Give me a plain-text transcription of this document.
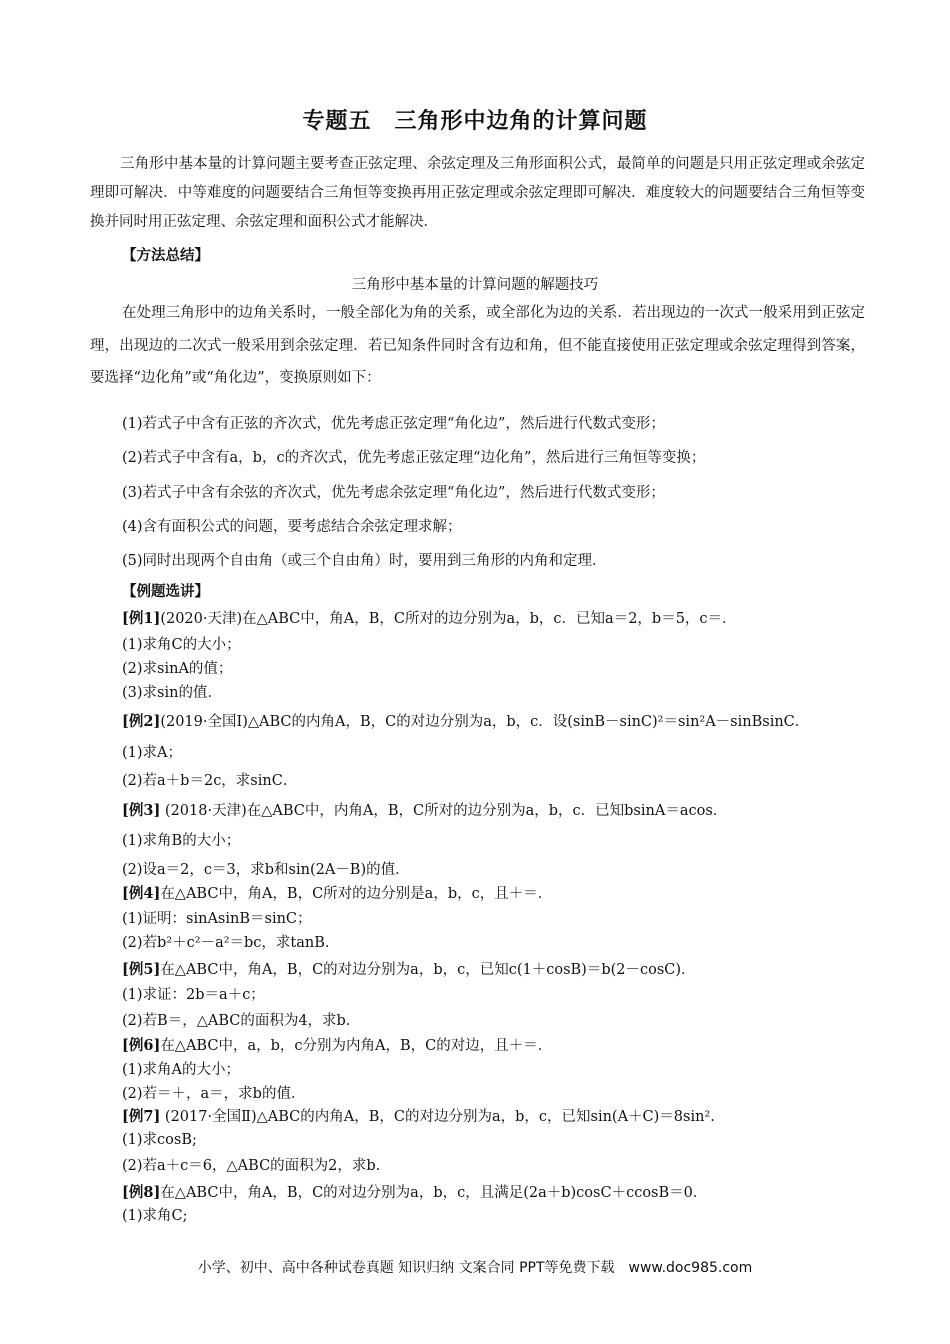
专题五　三角形中边角的计算问题

三角形中基本量的计算问题主要考查正弦定理、余弦定理及三角形面积公式，最简单的问题是只用正弦定理或余弦定理即可解决．中等难度的问题要结合三角恒等变换再用正弦定理或余弦定理即可解决．难度较大的问题要结合三角恒等变换并同时用正弦定理、余弦定理和面积公式才能解决．

【方法总结】
三角形中基本量的计算问题的解题技巧

在处理三角形中的边角关系时，一般全部化为角的关系，或全部化为边的关系．若出现边的一次式一般采用到正弦定理，出现边的二次式一般采用到余弦定理．若已知条件同时含有边和角，但不能直接使用正弦定理或余弦定理得到答案，要选择“边化角”或“角化边”，变换原则如下：

(1)若式子中含有正弦的齐次式，优先考虑正弦定理“角化边”，然后进行代数式变形；
(2)若式子中含有a，b，c的齐次式，优先考虑正弦定理“边化角”，然后进行三角恒等变换；
(3)若式子中含有余弦的齐次式，优先考虑余弦定理“角化边”，然后进行代数式变形；
(4)含有面积公式的问题，要考虑结合余弦定理求解；
(5)同时出现两个自由角（或三个自由角）时，要用到三角形的内角和定理．
【例题选讲】
[例1](2020·天津)在△ABC中，角A，B，C所对的边分别为a，b，c．已知a＝2，b＝5，c＝．
(1)求角C的大小；
(2)求sinA的值；
(3)求sin的值．
[例2](2019·全国Ⅰ)△ABC的内角A，B，C的对边分别为a，b，c．设(sinB－sinC)²＝sin²A－sinBsinC．
(1)求A；
(2)若a＋b＝2c，求sinC．
[例3] (2018·天津)在△ABC中，内角A，B，C所对的边分别为a，b，c．已知bsinA＝acos．
(1)求角B的大小；
(2)设a＝2，c＝3，求b和sin(2A－B)的值．
[例4]在△ABC中，角A，B，C所对的边分别是a，b，c，且＋＝．
(1)证明：sinAsinB＝sinC；
(2)若b²＋c²－a²＝bc，求tanB．
[例5]在△ABC中，角A，B，C的对边分别为a，b，c，已知c(1＋cosB)＝b(2－cosC)．
(1)求证：2b＝a＋c；
(2)若B＝，△ABC的面积为4，求b．
[例6]在△ABC中，a，b，c分别为内角A，B，C的对边，且＋＝．
(1)求角A的大小；
(2)若＝＋，a＝，求b的值．
[例7] (2017·全国Ⅱ)△ABC的内角A，B，C的对边分别为a，b，c，已知sin(A＋C)＝8sin².
(1)求cosB;
(2)若a＋c＝6，△ABC的面积为2，求b.
[例8]在△ABC中，角A，B，C的对边分别为a，b，c，且满足(2a＋b)cosC＋ccosB＝0．
(1)求角C;
小学、初中、高中各种试卷真题 知识归纳 文案合同 PPT等免费下载　www.doc985.com
